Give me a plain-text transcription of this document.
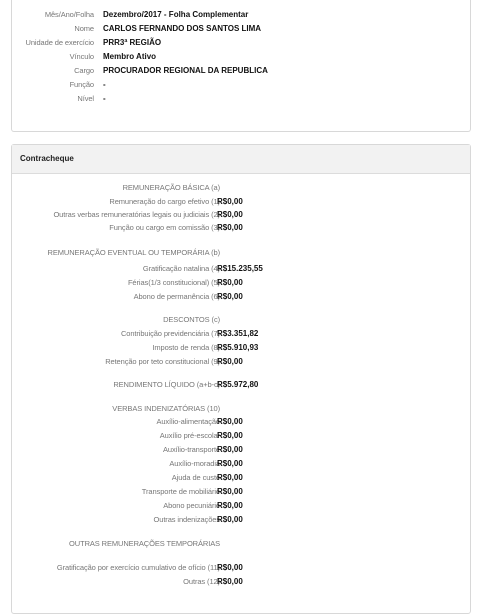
Mês/Ano/Folha Dezembro/2017 - Folha Complementar
Nome CARLOS FERNANDO DOS SANTOS LIMA
Unidade de exercício PRR3ª REGIÃO
Vínculo Membro Ativo
Cargo PROCURADOR REGIONAL DA REPUBLICA
Função -
Nível -
Contracheque
REMUNERAÇÃO BÁSICA (a)
Remuneração do cargo efetivo (1)
R$0,00
Outras verbas remuneratórias legais ou judiciais (2)
R$0,00
Função ou cargo em comissão (3)
R$0,00
REMUNERAÇÃO EVENTUAL OU TEMPORÁRIA (b)
Gratificação natalina (4)
R$15.235,55
Férias(1/3 constitucional) (5)
R$0,00
Abono de permanência (6)
R$0,00
DESCONTOS (c)
Contribuição previdenciária (7)
R$3.351,82
Imposto de renda (8)
R$5.910,93
Retenção por teto constitucional (9)
R$0,00
RENDIMENTO LÍQUIDO (a+b-c)
R$5.972,80
VERBAS INDENIZATÓRIAS (10)
Auxílio-alimentação
R$0,00
Auxílio pré-escolar
R$0,00
Auxílio-transporte
R$0,00
Auxílio-moradia
R$0,00
Ajuda de custo
R$0,00
Transporte de mobiliário
R$0,00
Abono pecuniário
R$0,00
Outras indenizações
R$0,00
OUTRAS REMUNERAÇÕES TEMPORÁRIAS
Gratificação por exercício cumulativo de ofício (11)
R$0,00
Outras (12)
R$0,00
